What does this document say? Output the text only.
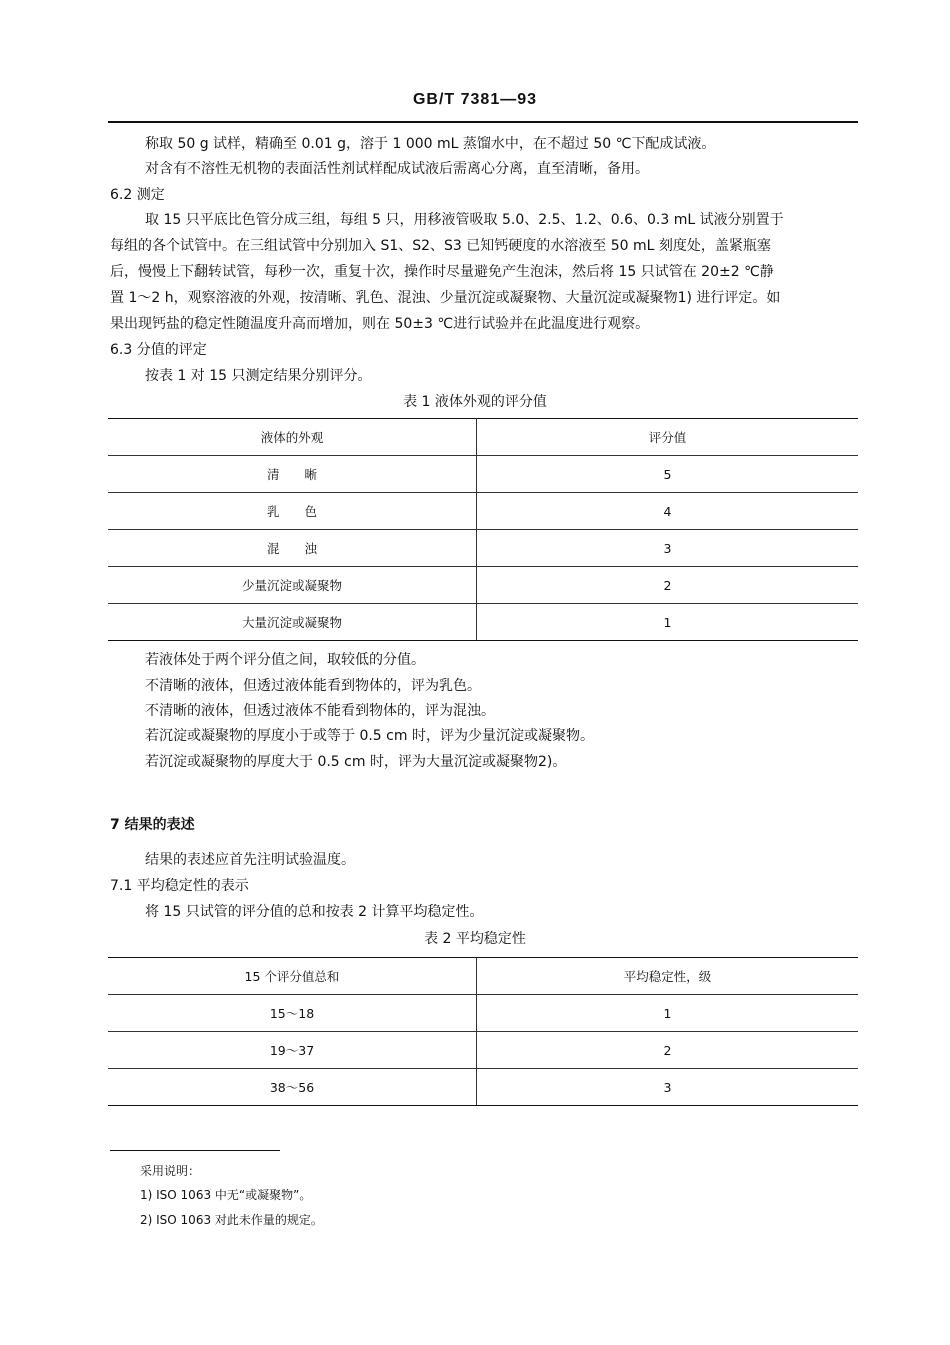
GB/T 7381—93
称取 50 g 试样，精确至 0.01 g，溶于 1 000 mL 蒸馏水中，在不超过 50 ℃下配成试液。
对含有不溶性无机物的表面活性剂试样配成试液后需离心分离，直至清晰，备用。
6.2 测定
取 15 只平底比色管分成三组，每组 5 只，用移液管吸取 5.0、2.5、1.2、0.6、0.3 mL 试液分别置于
每组的各个试管中。在三组试管中分别加入 S1、S2、S3 已知钙硬度的水溶液至 50 mL 刻度处，盖紧瓶塞
后，慢慢上下翻转试管，每秒一次，重复十次，操作时尽量避免产生泡沫，然后将 15 只试管在 20±2 ℃静
置 1～2 h，观察溶液的外观，按清晰、乳色、混浊、少量沉淀或凝聚物、大量沉淀或凝聚物1) 进行评定。如
果出现钙盐的稳定性随温度升高而增加，则在 50±3 ℃进行试验并在此温度进行观察。
6.3 分值的评定
按表 1 对 15 只测定结果分别评分。
表 1 液体外观的评分值
液体的外观	评分值
清　　晰	5
乳　　色	4
混　　浊	3
少量沉淀或凝聚物	2
大量沉淀或凝聚物	1
若液体处于两个评分值之间，取较低的分值。
不清晰的液体，但透过液体能看到物体的，评为乳色。
不清晰的液体，但透过液体不能看到物体的，评为混浊。
若沉淀或凝聚物的厚度小于或等于 0.5 cm 时，评为少量沉淀或凝聚物。
若沉淀或凝聚物的厚度大于 0.5 cm 时，评为大量沉淀或凝聚物2)。
7 结果的表述
结果的表述应首先注明试验温度。
7.1 平均稳定性的表示
将 15 只试管的评分值的总和按表 2 计算平均稳定性。
表 2 平均稳定性
15 个评分值总和	平均稳定性，级
15～18	1
19～37	2
38～56	3
采用说明：
1) ISO 1063 中无“或凝聚物”。
2) ISO 1063 对此未作量的规定。
